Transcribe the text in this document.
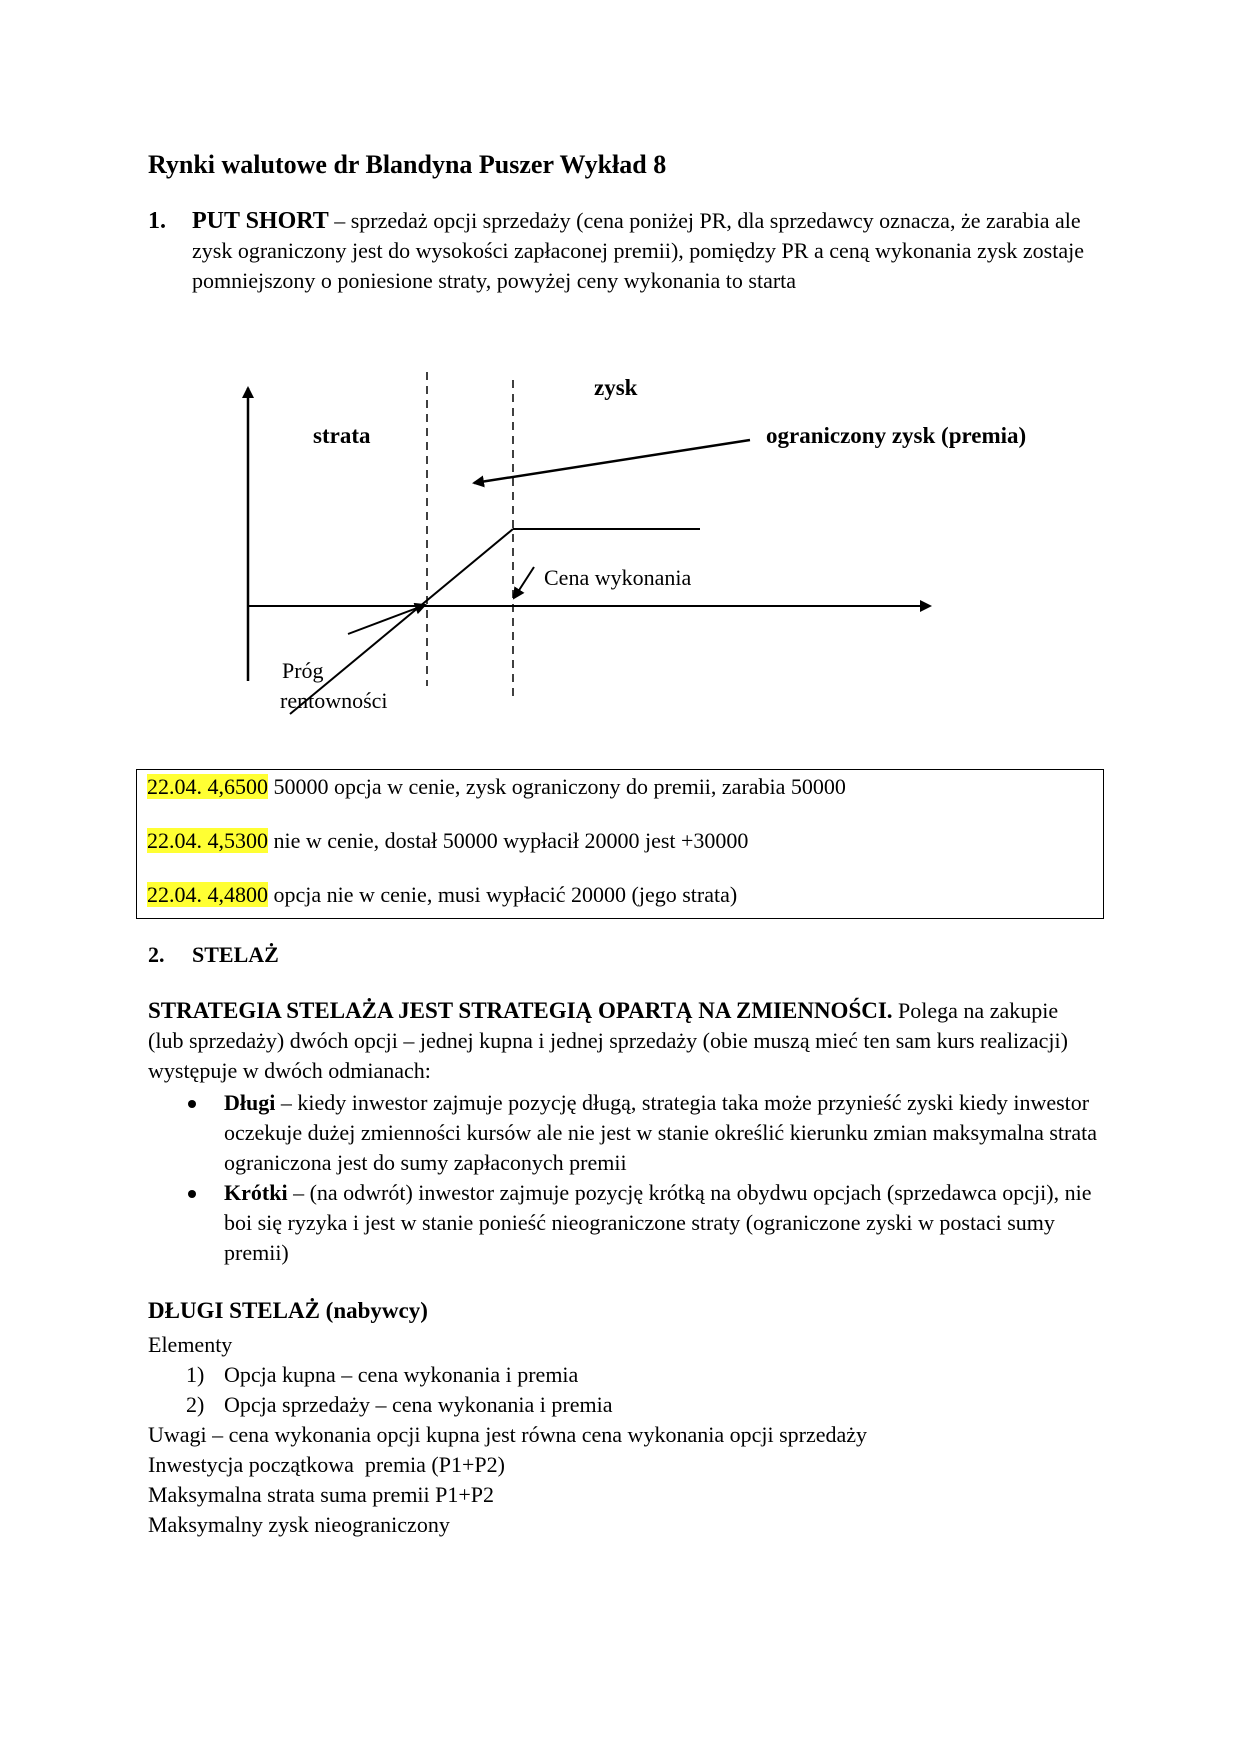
Rynki walutowe dr Blandyna Puszer Wykład 8
1. PUT SHORT – sprzedaż opcji sprzedaży (cena poniżej PR, dla sprzedawcy oznacza, że zarabia ale zysk ograniczony jest do wysokości zapłaconej premii), pomiędzy PR a ceną wykonania zysk zostaje pomniejszony o poniesione straty, powyżej ceny wykonania to starta
zysk
strata	ograniczony zysk (premia)
Cena wykonania
Próg
rentowności
22.04. 4,6500 50000 opcja w cenie, zysk ograniczony do premii, zarabia 50000
22.04. 4,5300 nie w cenie, dostał 50000 wypłacił 20000 jest +30000
22.04. 4,4800 opcja nie w cenie, musi wypłacić 20000 (jego strata)
2. STELAŻ
STRATEGIA STELAŻA JEST STRATEGIĄ OPARTĄ NA ZMIENNOŚCI. Polega na zakupie (lub sprzedaży) dwóch opcji – jednej kupna i jednej sprzedaży (obie muszą mieć ten sam kurs realizacji) występuje w dwóch odmianach:
Długi – kiedy inwestor zajmuje pozycję długą, strategia taka może przynieść zyski kiedy inwestor oczekuje dużej zmienności kursów ale nie jest w stanie określić kierunku zmian maksymalna strata ograniczona jest do sumy zapłaconych premii
Krótki – (na odwrót) inwestor zajmuje pozycję krótką na obydwu opcjach (sprzedawca opcji), nie boi się ryzyka i jest w stanie ponieść nieograniczone straty (ograniczone zyski w postaci sumy premii)
DŁUGI STELAŻ (nabywcy)
Elementy
1) Opcja kupna – cena wykonania i premia
2) Opcja sprzedaży – cena wykonania i premia
Uwagi – cena wykonania opcji kupna jest równa cena wykonania opcji sprzedaży
Inwestycja początkowa  premia (P1+P2)
Maksymalna strata suma premii P1+P2
Maksymalny zysk nieograniczony
